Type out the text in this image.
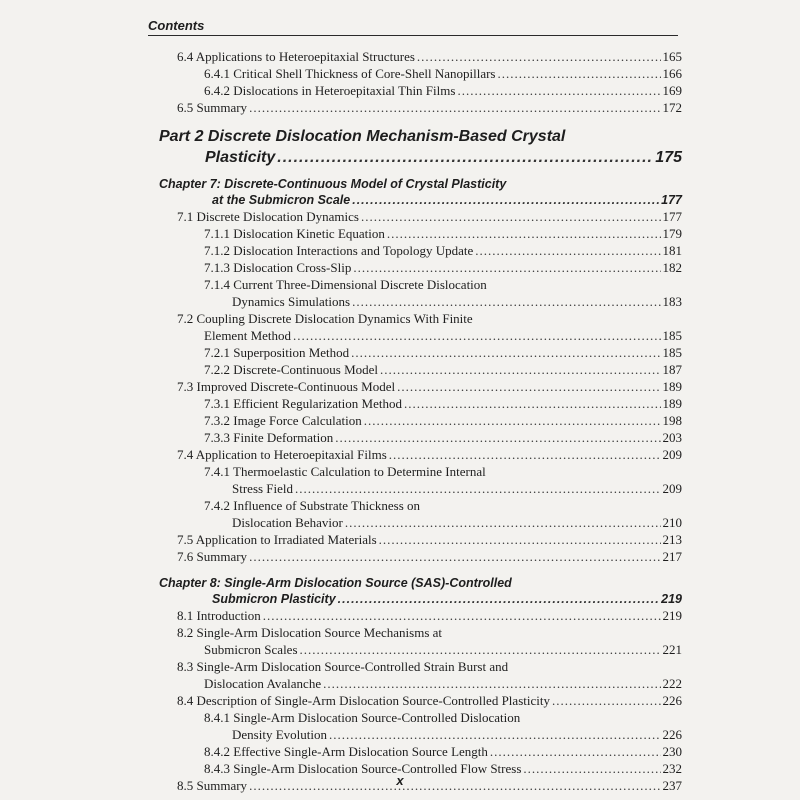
Contents
6.4 Applications to Heteroepitaxial Structures .....	165
6.4.1 Critical Shell Thickness of Core-Shell Nanopillars .....	166
6.4.2 Dislocations in Heteroepitaxial Thin Films .....	169
6.5 Summary .....	172
Part 2 Discrete Dislocation Mechanism-Based Crystal
Plasticity .....	175
Chapter 7: Discrete-Continuous Model of Crystal Plasticity
at the Submicron Scale .....	177
7.1 Discrete Dislocation Dynamics .....	177
7.1.1 Dislocation Kinetic Equation .....	179
7.1.2 Dislocation Interactions and Topology Update .....	181
7.1.3 Dislocation Cross-Slip .....	182
7.1.4 Current Three-Dimensional Discrete Dislocation
Dynamics Simulations .....	183
7.2 Coupling Discrete Dislocation Dynamics With Finite
Element Method .....	185
7.2.1 Superposition Method .....	185
7.2.2 Discrete-Continuous Model .....	187
7.3 Improved Discrete-Continuous Model .....	189
7.3.1 Efficient Regularization Method .....	189
7.3.2 Image Force Calculation .....	198
7.3.3 Finite Deformation .....	203
7.4 Application to Heteroepitaxial Films .....	209
7.4.1 Thermoelastic Calculation to Determine Internal
Stress Field .....	209
7.4.2 Influence of Substrate Thickness on
Dislocation Behavior .....	210
7.5 Application to Irradiated Materials .....	213
7.6 Summary .....	217
Chapter 8: Single-Arm Dislocation Source (SAS)-Controlled
Submicron Plasticity .....	219
8.1 Introduction .....	219
8.2 Single-Arm Dislocation Source Mechanisms at
Submicron Scales .....	221
8.3 Single-Arm Dislocation Source-Controlled Strain Burst and
Dislocation Avalanche .....	222
8.4 Description of Single-Arm Dislocation Source-Controlled Plasticity .....	226
8.4.1 Single-Arm Dislocation Source-Controlled Dislocation
Density Evolution .....	226
8.4.2 Effective Single-Arm Dislocation Source Length .....	230
8.4.3 Single-Arm Dislocation Source-Controlled Flow Stress .....	232
8.5 Summary .....	237
x
